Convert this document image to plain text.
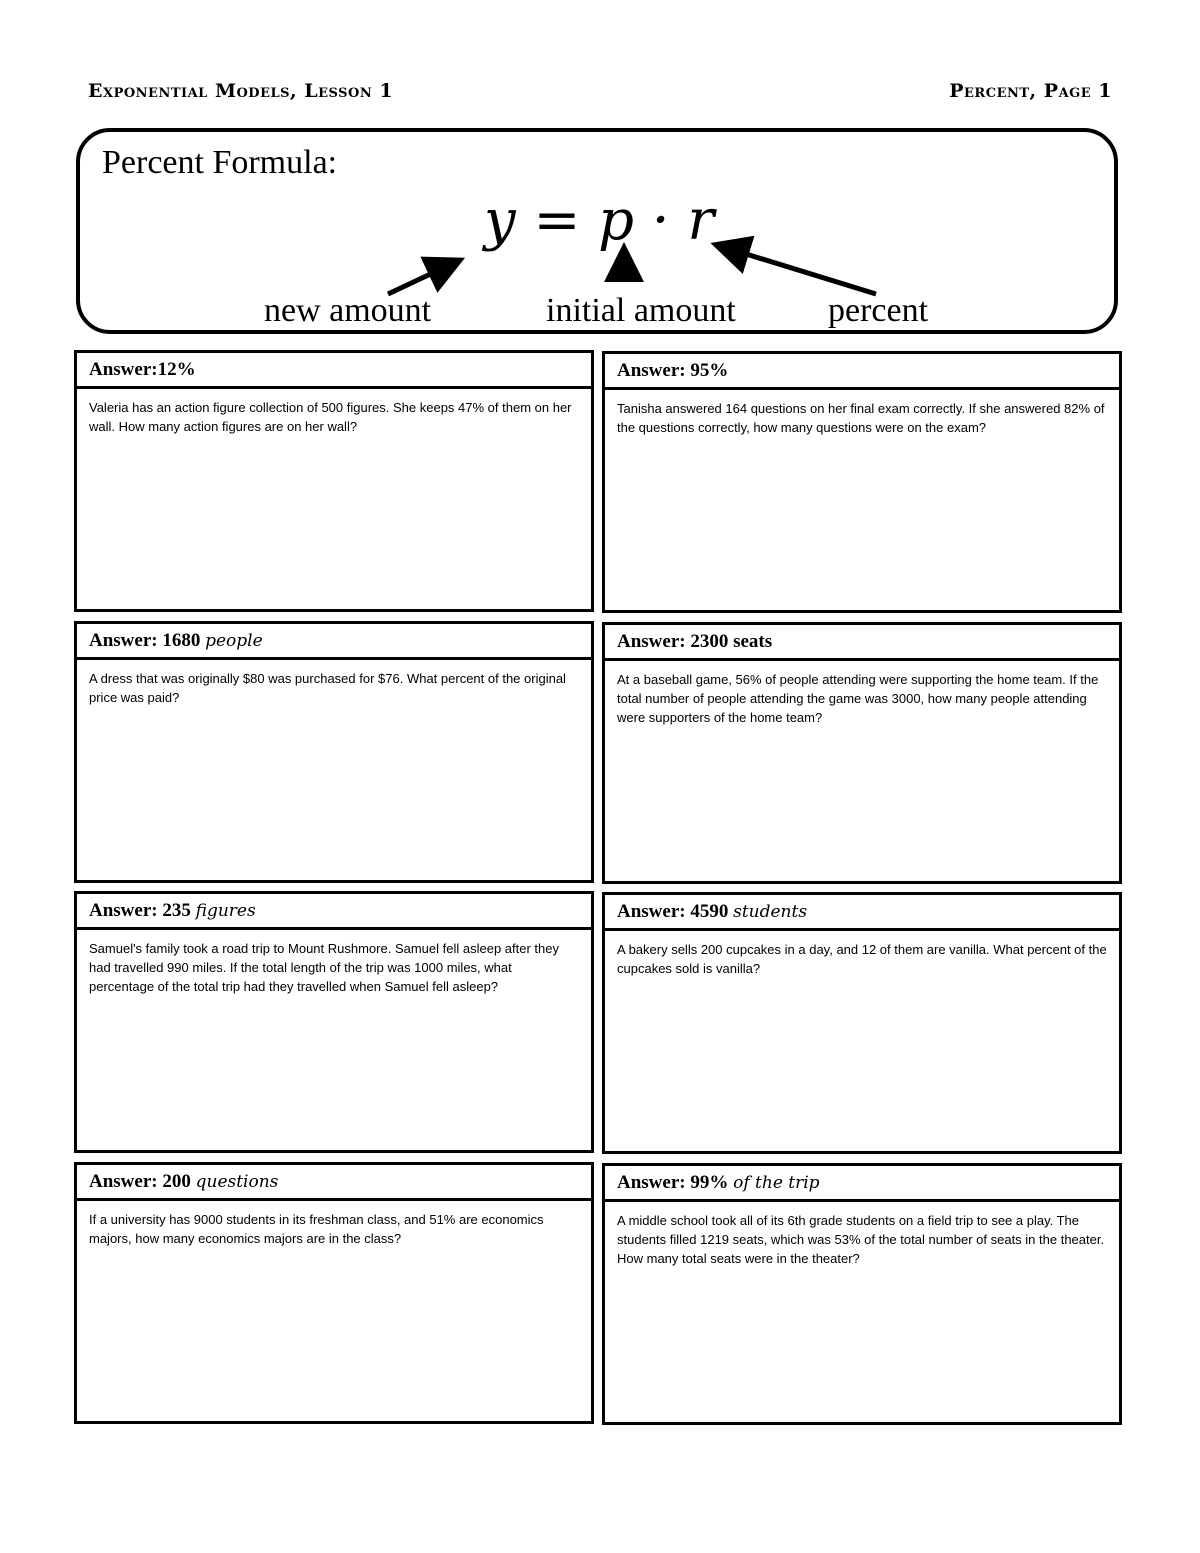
Exponential Models, Lesson 1	Percent, Page 1
Percent Formula:
y = p · r
new amount	initial amount	percent
Answer:12%
Valeria has an action figure collection of 500 figures. She keeps 47% of them on her wall. How many action figures are on her wall?
Answer: 95%
Tanisha answered 164 questions on her final exam correctly. If she answered 82% of the questions correctly, how many questions were on the exam?
Answer: 1680 people
A dress that was originally $80 was purchased for $76. What percent of the original price was paid?
Answer: 2300 seats
At a baseball game, 56% of people attending were supporting the home team. If the total number of people attending the game was 3000, how many people attending were supporters of the home team?
Answer: 235 figures
Samuel's family took a road trip to Mount Rushmore. Samuel fell asleep after they had travelled 990 miles. If the total length of the trip was 1000 miles, what percentage of the total trip had they travelled when Samuel fell asleep?
Answer: 4590 students
A bakery sells 200 cupcakes in a day, and 12 of them are vanilla. What percent of the cupcakes sold is vanilla?
Answer: 200 questions
If a university has 9000 students in its freshman class, and 51% are economics majors, how many economics majors are in the class?
Answer: 99% of the trip
A middle school took all of its 6th grade students on a field trip to see a play. The students filled 1219 seats, which was 53% of the total number of seats in the theater. How many total seats were in the theater?
